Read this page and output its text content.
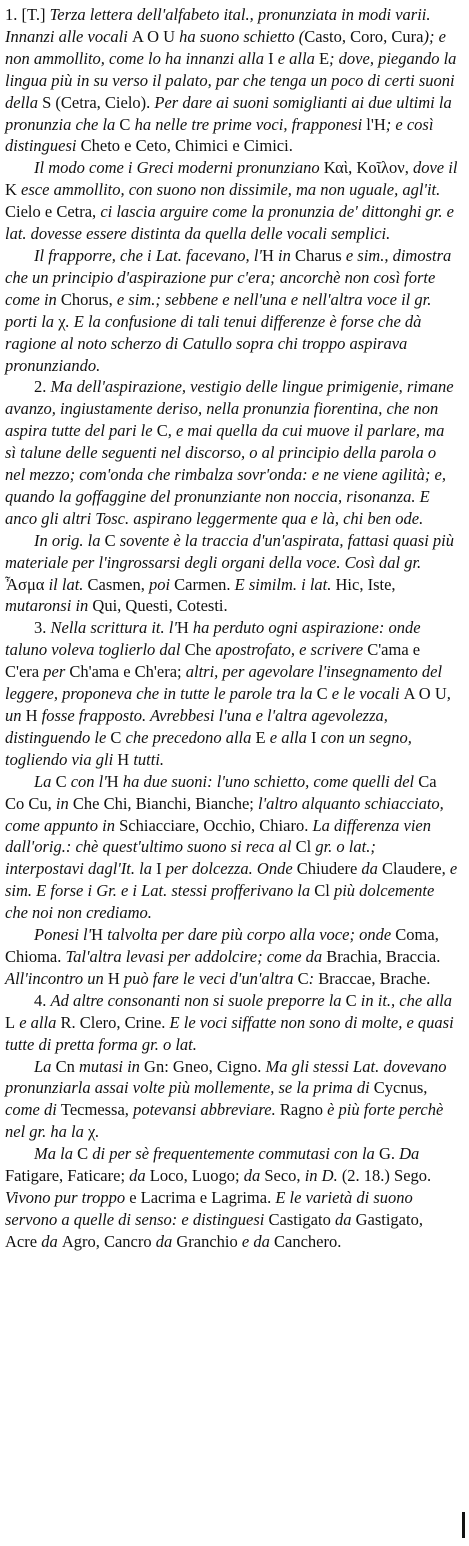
1. [T.] Terza lettera dell'alfabeto ital., pronunziata in modi varii. Innanzi alle vocali A O U ha suono schietto (Casto, Coro, Cura); e non ammollito, come lo ha innanzi alla I e alla E; dove, piegando la lingua più in su verso il palato, par che tenga un poco di certi suoni della S (Cetra, Cielo). Per dare ai suoni somiglianti ai due ultimi la pronunzia che la C ha nelle tre prime voci, frapponesi l'H; e così distinguesi Cheto e Ceto, Chimici e Cimici.

Il modo come i Greci moderni pronunziano Καὶ, Κοῖλον, dove il K esce ammollito, con suono non dissimile, ma non uguale, agl'it. Cielo e Cetra, ci lascia arguire come la pronunzia de' dittonghi gr. e lat. dovesse essere distinta da quella delle vocali semplici.

Il frapporre, che i Lat. facevano, l'H in Charus e sim., dimostra che un principio d'aspirazione pur c'era; ancorchè non così forte come in Chorus, e sim.; sebbene e nell'una e nell'altra voce il gr. porti la χ. E la confusione di tali tenui differenze è forse che dà ragione al noto scherzo di Catullo sopra chi troppo aspirava pronunziando.

2. Ma dell'aspirazione, vestigio delle lingue primigenie, rimane avanzo, ingiustamente deriso, nella pronunzia fiorentina, che non aspira tutte del pari le C, e mai quella da cui muove il parlare, ma sì talune delle seguenti nel discorso, o al principio della parola o nel mezzo; com'onda che rimbalza sovr'onda: e ne viene agilità; e, quando la goffaggine del pronunziante non noccia, risonanza. E anco gli altri Tosc. aspirano leggermente qua e là, chi ben ode.

In orig. la C sovente è la traccia d'un'aspirata, fattasi quasi più materiale per l'ingrossarsi degli organi della voce. Così dal gr. Ἆσμα il lat. Casmen, poi Carmen. E similm. i lat. Hic, Iste, mutaronsi in Qui, Questi, Cotesti.

3. Nella scrittura it. l'H ha perduto ogni aspirazione: onde taluno voleva toglierlo dal Che apostrofato, e scrivere C'ama e C'era per Ch'ama e Ch'era; altri, per agevolare l'insegnamento del leggere, proponeva che in tutte le parole tra la C e le vocali A O U, un H fosse frapposto. Avrebbesi l'una e l'altra agevolezza, distinguendo le C che precedono alla E e alla I con un segno, togliendo via gli H tutti.

La C con l'H ha due suoni: l'uno schietto, come quelli del Ca Co Cu, in Che Chi, Bianchi, Bianche; l'altro alquanto schiacciato, come appunto in Schiacciare, Occhio, Chiaro. La differenza vien dall'orig.: chè quest'ultimo suono si reca al Cl gr. o lat.; interpostavi dagl'It. la I per dolcezza. Onde Chiudere da Claudere, e sim. E forse i Gr. e i Lat. stessi profferivano la Cl più dolcemente che noi non crediamo.

Ponesi l'H talvolta per dare più corpo alla voce; onde Coma, Chioma. Tal'altra levasi per addolcire; come da Brachia, Braccia. All'incontro un H può fare le veci d'un'altra C: Braccae, Brache.

4. Ad altre consonanti non si suole preporre la C in it., che alla L e alla R. Clero, Crine. E le voci siffatte non sono di molte, e quasi tutte di pretta forma gr. o lat.

La Cn mutasi in Gn: Gneo, Cigno. Ma gli stessi Lat. dovevano pronunziarla assai volte più mollemente, se la prima di Cycnus, come di Tecmessa, potevansi abbreviare. Ragno è più forte perchè nel gr. ha la χ.

Ma la C di per sè frequentemente commutasi con la G. Da Fatigare, Faticare; da Loco, Luogo; da Seco, in D. (2. 18.) Sego. Vivono pur troppo e Lacrima e Lagrima. E le varietà di suono servono a quelle di senso: e distinguesi Castigato da Gastigato, Acre da Agro, Cancro da Granchio e da Canchero.
